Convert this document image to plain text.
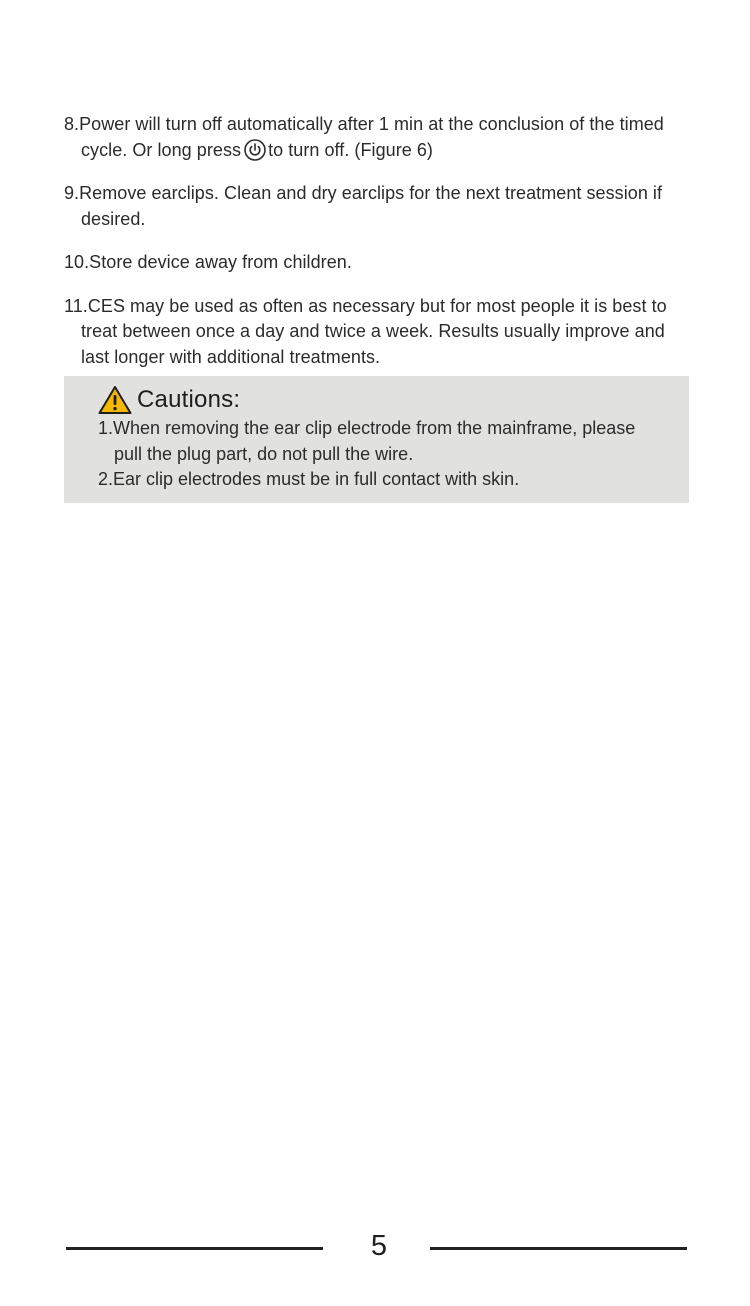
8.Power will turn off automatically after 1 min at the conclusion of the timed cycle. Or long press to turn off. (Figure 6)

9.Remove earclips. Clean and dry earclips for the next treatment session if desired.

10.Store device away from children.

11.CES may be used as often as necessary but for most people it is best to treat between once a day and twice a week. Results usually improve and last longer with additional treatments.

Cautions:

1.When removing the ear clip electrode from the mainframe, please pull the plug part, do not pull the wire.

2.Ear clip electrodes must be in full contact with skin.

5
